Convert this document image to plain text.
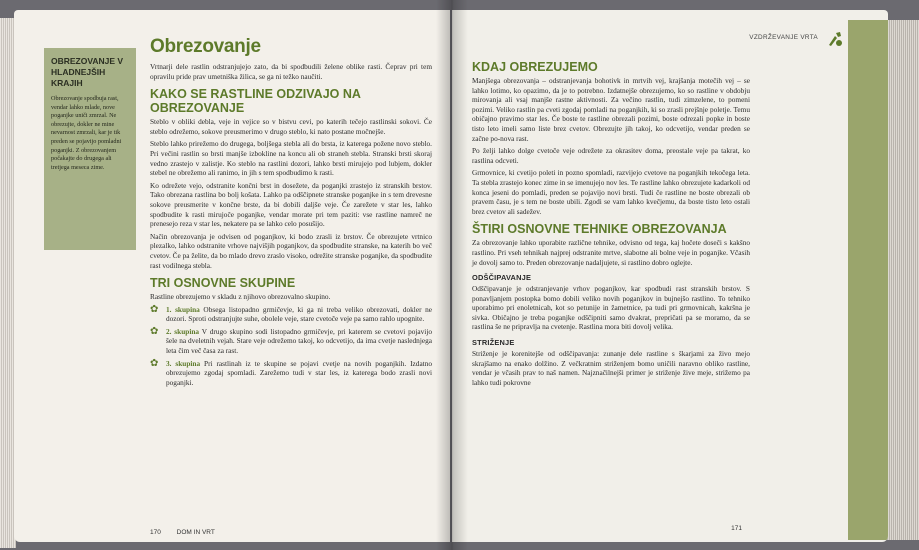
OBREZOVANJE V HLADNEJŠIH KRAJIH

Obrezovanje spodbuja rast, vendar lahko mlade, nove poganjke uniči zmrzal. Ne obrezujte, dokler ne mine nevarnost zmrzali, kar je tik preden se pojavijo pomladni poganjki. Z obrezovanjem počakajte do drugega ali tretjega meseca zime.

Obrezovanje

Vrtnarji dele rastlin odstranjujejo zato, da bi spodbudili želene oblike rasti. Čeprav pri tem opravilu pride prav umetniška žilica, se ga ni težko naučiti.

KAKO SE RASTLINE ODZIVAJO NA OBREZOVANJE

Steblo v obliki debla, veje in vejice so v bistvu cevi, po katerih tečejo rastlinski sokovi. Če steblo odrežemo, sokove preusmerimo v drugo steblo, ki nato postane močnejše.

Steblo lahko prirežemo do drugega, boljšega stebla ali do brsta, iz katerega požene novo steblo. Pri večini rastlin so brsti manjše izbokline na koncu ali ob straneh stebla. Stranski brsti skoraj vedno zrastejo v zalistje. Ko steblo na rastlini dozori, lahko brsti mirujejo pod lubjem, dokler stebel ne obrežemo ali ranimo, in jih s tem spodbudimo k rasti.

Ko odrežete vejo, odstranite končni brst in dosežete, da poganjki zrastejo iz stranskih brstov. Tako obrezana rastlina bo bolj košata. Lahko pa odščipnete stranske poganjke in s tem drevesne sokove preusmerite v končne brste, da bi dobili daljše veje. Če zarežete v star les, lahko spodbudite k rasti mirujoče poganjke, vendar morate pri tem paziti: vse rastline namreč ne prenesejo reza v star les, nekatere pa se lahko celo posušijo.

Način obrezovanja je odvisen od poganjkov, ki bodo zrasli iz brstov. Če obrezujete vrtnico plezalko, lahko odstranite vrhove najvišjih poganjkov, da spodbudite stranske, na katerih bo več cvetov. Če pa želite, da bo mlado drevo zraslo visoko, odrežite stranske poganjke, da spodbudite rast vodilnega stebla.

TRI OSNOVNE SKUPINE

Rastline obrezujemo v skladu z njihovo obrezovalno skupino.

✿	1. skupina Obsega listopadno grmičevje, ki ga ni treba veliko obrezovati, dokler ne dozori. Sproti odstranjujte suhe, obolele veje, stare cvetoče veje pa samo rahlo upognite.
✿	2. skupina V drugo skupino sodi listopadno grmičevje, pri katerem se cvetovi pojavijo šele na dveletnih vejah. Stare veje odrežemo takoj, ko odcvetijo, da ima cvetje naslednjega leta čim več časa za rast.
✿	3. skupina Pri rastlinah iz te skupine se pojavi cvetje na novih poganjkih. Izdatno obrezujemo zgodaj spomladi. Zarežemo tudi v star les, iz katerega bodo zrasli novi poganjki.
170 DOM IN VRT
VZDRŽEVANJE VRTA
KDAJ OBREZUJEMO

Manjšega obrezovanja – odstranjevanja bohotivk in mrtvih vej, krajšanja motečih vej – se lahko lotimo, ko opazimo, da je to potrebno. Izdatnejše obrezujemo, ko so rastline v obdobju mirovanja ali vsaj manjše rastne aktivnosti. Za večino rastlin, tudi zimzelene, to pomeni pozimi. Veliko rastlin pa cveti zgodaj pomladi na poganjkih, ki so zrasli prejšnje poletje. Temu običajno pravimo star les. Če boste te rastline obrezali pozimi, boste odrezali popke in boste tisto leto imeli samo liste brez cvetov. Obrezujte jih takoj, ko odcvetijo, vendar preden se začne po-nova rast.

Po želji lahko dolge cvetoče veje odrežete za okrasitev doma, preostale veje pa takrat, ko rastlina odcveti.

Grmovnice, ki cvetijo poleti in pozno spomladi, razvijejo cvetove na poganjkih tekočega leta. Ta stebla zrastejo konec zime in se imenujejo nov les. Te rastline lahko obrezujete kadarkoli od konca jeseni do pomladi, preden se pojavijo novi brsti. Tudi če rastline ne boste obrezali ob pravem času, je s tem ne boste ubili. Zgodi se vam lahko kvečjemu, da boste tisto leto ostali brez cvetov ali sadežev.

ŠTIRI OSNOVNE TEHNIKE OBREZOVANJA

Za obrezovanje lahko uporabite različne tehnike, odvisno od tega, kaj hočete doseči s kakšno rastlino. Pri vseh tehnikah najprej odstranite mrtve, slabotne ali bolne veje in poganjke. Včasih je dovolj samo to. Preden obrezovanje nadaljujete, si rastlino dobro oglejte.

ODŠČIPAVANJE

Odščipavanje je odstranjevanje vrhov poganjkov, kar spodbudi rast stranskih brstov. S ponavljanjem postopka bomo dobili veliko novih poganjkov in bujnejšo rastlino. To tehniko uporabimo pri enoletnicah, kot so petunije in žametnice, pa tudi pri grmovnicah, kakršna je sivka. Običajno je treba poganjke odščipniti samo dvakrat, prepričati pa se moramo, da se rastlina še ne pripravlja na cvetenje. Rastlina mora biti dovolj velika.

STRIŽENJE

Striženje je korenitejše od odščipavanja: zunanje dele rastline s škarjami za živo mejo skrajšamo na enako dolžino. Z večkratnim striženjem bomo uničili naravno obliko rastline, vendar je včasih prav to naš namen. Najznačilnejši primer je striženje žive meje, strižemo pa lahko tudi pokrovne

171
